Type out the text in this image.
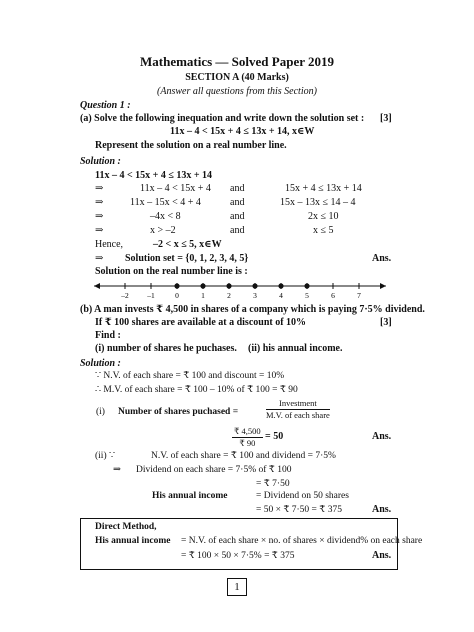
Mathematics — Solved Paper 2019
SECTION A (40 Marks)
(Answer all questions from this Section)
Question 1 :
(a) Solve the following inequation and write down the solution set : [3]
11x – 4 < 15x + 4 ≤ 13x + 14, x∈W
Represent the solution on a real number line.
Solution :
11x – 4 < 15x + 4 ≤ 13x + 14
⇒	11x – 4 < 15x + 4 and	15x + 4 ≤ 13x + 14
⇒	11x – 15x < 4 + 4	and	15x – 13x ≤ 14 – 4
⇒	–4x < 8	and	2x ≤ 10
⇒	x > –2	and	x ≤ 5
Hence,	–2 < x ≤ 5, x∈W
⇒ Solution set = {0, 1, 2, 3, 4, 5}	Ans.
Solution on the real number line is :
–2 –1	0	1	2	3	4	5	6	7
(b) A man invests ₹ 4,500 in shares of a company which is paying 7·5% dividend.
If ₹ 100 shares are available at a discount of 10%	[3]
Find :
(i) number of shares he puchases. (ii) his annual income.
Solution :
∵ N.V. of each share = ₹ 100 and discount = 10%
∴ M.V. of each share = ₹ 100 – 10% of ₹ 100 = ₹ 90
(i) Number of shares puchased =	$\frac{\text{Investment}}{\text{M.V. of each share}}$
$\frac{₹ 4,500}{₹ 90} = 50$	Ans.
(ii) ∵	N.V. of each share = ₹ 100 and dividend = 7·5%
⇒ Dividend on each share = 7·5% of ₹ 100
= ₹ 7·50
His annual income	= Dividend on 50 shares
= 50 × ₹ 7·50 = ₹ 375	Ans.
Direct Method,
His annual income = N.V. of each share × no. of shares × dividend% on each share
= ₹ 100 × 50 × 7·5% = ₹ 375	Ans.
1
